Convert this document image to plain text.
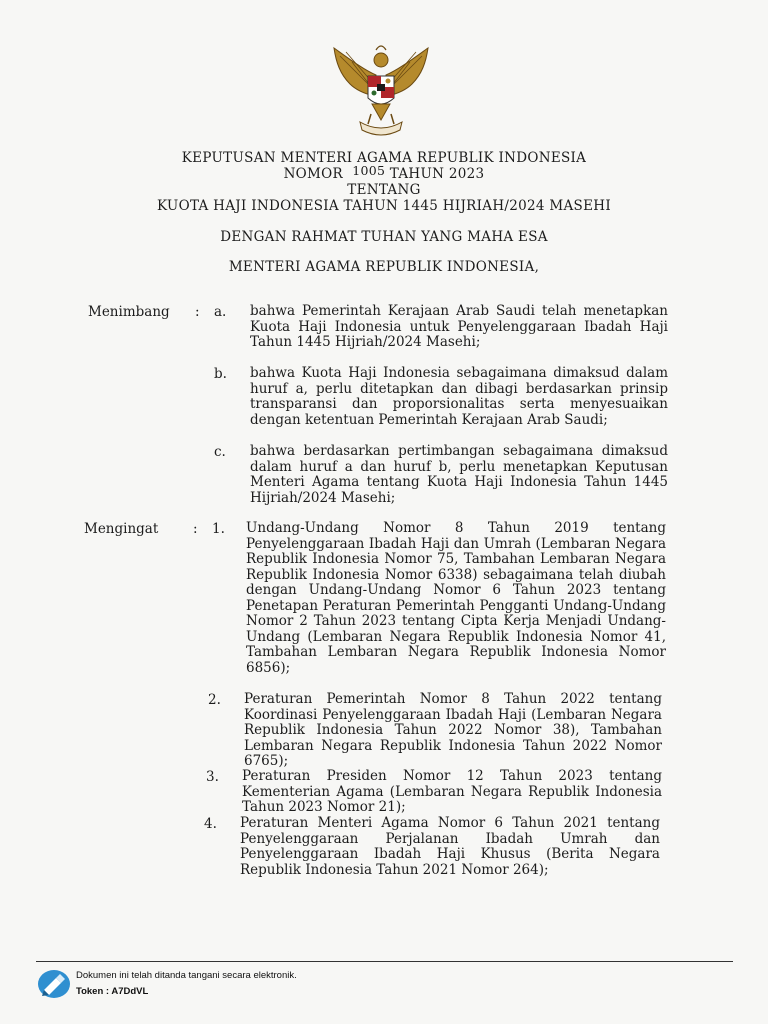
KEPUTUSAN MENTERI AGAMA REPUBLIK INDONESIA
NOMOR 1005 TAHUN 2023
TENTANG
KUOTA HAJI INDONESIA TAHUN 1445 HIJRIAH/2024 MASEHI
DENGAN RAHMAT TUHAN YANG MAHA ESA
MENTERI AGAMA REPUBLIK INDONESIA,
Menimbang : a. bahwa Pemerintah Kerajaan Arab Saudi telah menetapkan Kuota Haji Indonesia untuk Penyelenggaraan Ibadah Haji Tahun 1445 Hijriah/2024 Masehi;

b. bahwa Kuota Haji Indonesia sebagaimana dimaksud dalam huruf a, perlu ditetapkan dan dibagi berdasarkan prinsip transparansi dan proporsionalitas serta menyesuaikan dengan ketentuan Pemerintah Kerajaan Arab Saudi;

c. bahwa berdasarkan pertimbangan sebagaimana dimaksud dalam huruf a dan huruf b, perlu menetapkan Keputusan Menteri Agama tentang Kuota Haji Indonesia Tahun 1445 Hijriah/2024 Masehi;

Mengingat	: 1. Undang-Undang Nomor 8 Tahun 2019 tentang Penyelenggaraan Ibadah Haji dan Umrah (Lembaran Negara Republik Indonesia Nomor 75, Tambahan Lembaran Negara Republik Indonesia Nomor 6338) sebagaimana telah diubah dengan Undang-Undang Nomor 6 Tahun 2023 tentang Penetapan Peraturan Pemerintah Pengganti Undang-Undang Nomor 2 Tahun 2023 tentang Cipta Kerja Menjadi Undang-Undang (Lembaran Negara Republik Indonesia Nomor 41, Tambahan Lembaran Negara Republik Indonesia Nomor 6856);

2. Peraturan Pemerintah Nomor 8 Tahun 2022 tentang Koordinasi Penyelenggaraan Ibadah Haji (Lembaran Negara Republik Indonesia Tahun 2022 Nomor 38), Tambahan Lembaran Negara Republik Indonesia Tahun 2022 Nomor 6765);

3. Peraturan Presiden Nomor 12 Tahun 2023 tentang Kementerian Agama (Lembaran Negara Republik Indonesia Tahun 2023 Nomor 21);

4. Peraturan Menteri Agama Nomor 6 Tahun 2021 tentang Penyelenggaraan Perjalanan Ibadah Umrah dan Penyelenggaraan Ibadah Haji Khusus (Berita Negara Republik Indonesia Tahun 2021 Nomor 264);

Dokumen ini telah ditanda tangani secara elektronik.
Token : A7DdVL
